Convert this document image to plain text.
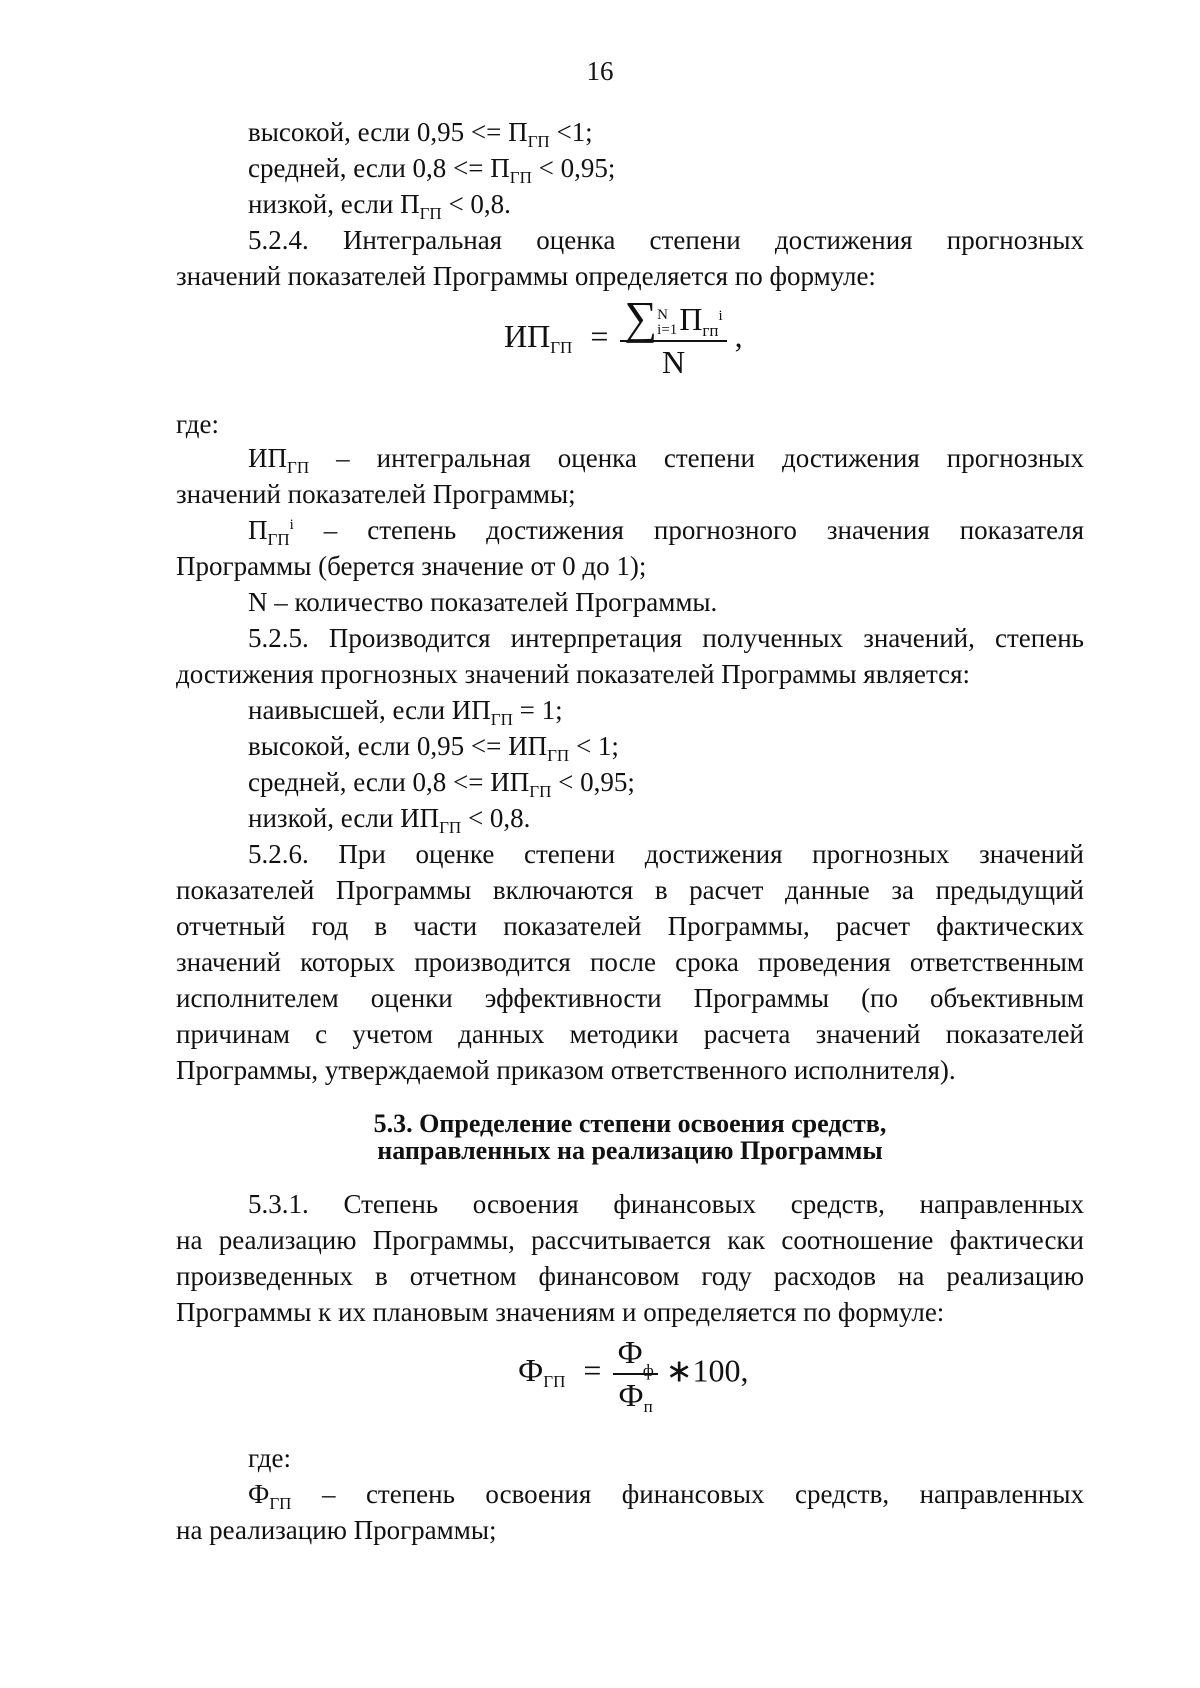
16
высокой, если $0,95 <= П_{ГП} <1$;
средней, если $0,8 <= П_{ГП} < 0,95$;
низкой, если $П_{ГП} < 0,8$.
5.2.4. Интегральная оценка степени достижения прогнозных
значений показателей Программы определяется по формуле:
$ИП_{ГП}$ = ∑ N
i=1 $П_{гп}^i$
N ,
где:
$ИП_{ГП}$ – интегральная оценка степени достижения прогнозных
значений показателей Программы;
$П_{ГП}^i$ – степень достижения прогнозного значения показателя
Программы (берется значение от 0 до 1);
N – количество показателей Программы.
5.2.5. Производится интерпретация полученных значений, степень
достижения прогнозных значений показателей Программы является:
наивысшей, если $ИП_{ГП} = 1$;
высокой, если $0,95 <= ИП_{ГП} < 1$;
средней, если $0,8 <= ИП_{ГП} < 0,95$;
низкой, если $ИП_{ГП} < 0,8$.
5.2.6. При оценке степени достижения прогнозных значений
показателей Программы включаются в расчет данные за предыдущий
отчетный год в части показателей Программы, расчет фактических
значений которых производится после срока проведения ответственным
исполнителем оценки эффективности Программы (по объективным
причинам с учетом данных методики расчета значений показателей
Программы, утверждаемой приказом ответственного исполнителя).
5.3. Определение степени освоения средств,
направленных на реализацию Программы
5.3.1. Степень освоения финансовых средств, направленных
на реализацию Программы, рассчитывается как соотношение фактически
произведенных в отчетном финансовом году расходов на реализацию
Программы к их плановым значениям и определяется по формуле:
$Ф_{ГП} = Ф$
ф
$Ф_п$ ∗100,
где:
$Ф_{ГП}$ – степень освоения финансовых средств, направленных
на реализацию Программы;
